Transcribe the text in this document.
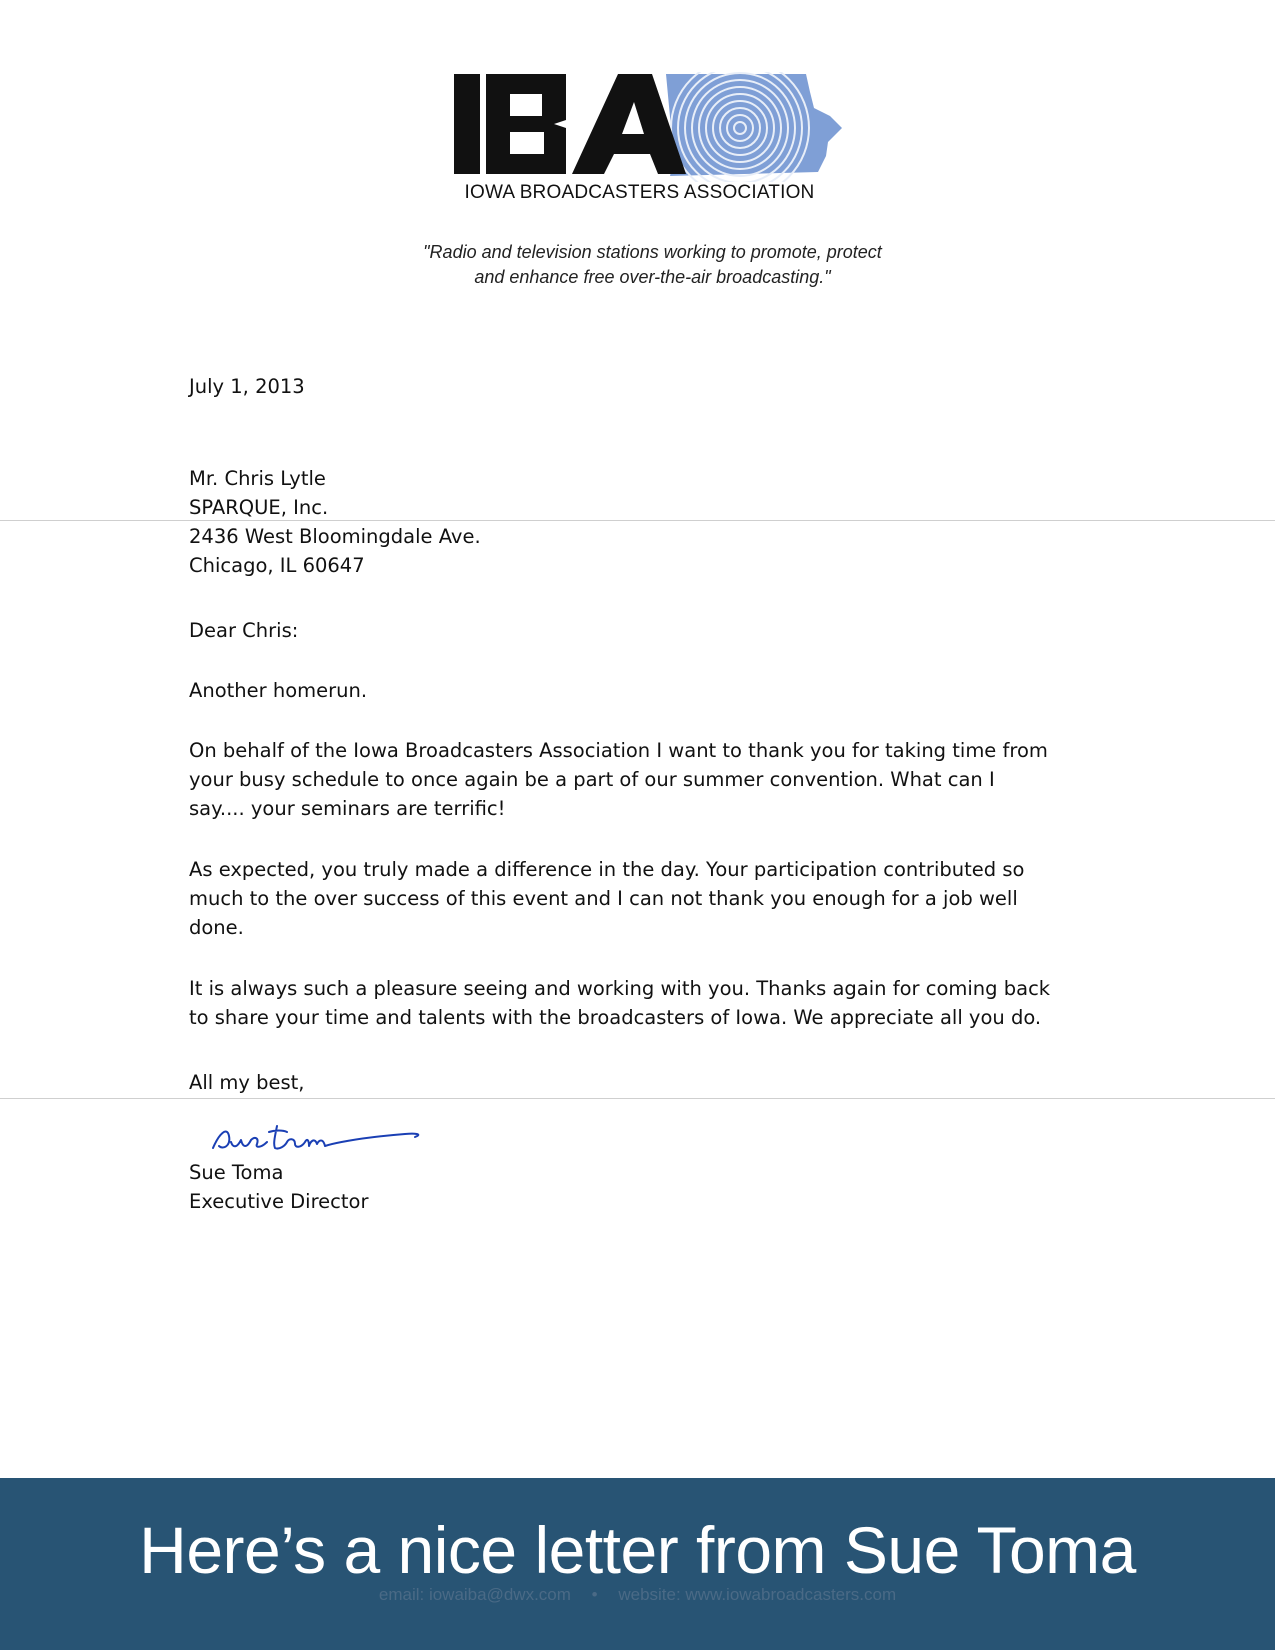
IOWA BROADCASTERS ASSOCIATION
"Radio and television stations working to promote, protect
and enhance free over-the-air broadcasting."
July 1, 2013
Mr. Chris Lytle
SPARQUE, Inc.
2436 West Bloomingdale Ave.
Chicago, IL 60647
Dear Chris:
Another homerun.
On behalf of the Iowa Broadcasters Association I want to thank you for taking time from
your busy schedule to once again be a part of our summer convention. What can I
say.... your seminars are terrific!
As expected, you truly made a difference in the day. Your participation contributed so
much to the over success of this event and I can not thank you enough for a job well
done.
It is always such a pleasure seeing and working with you. Thanks again for coming back
to share your time and talents with the broadcasters of Iowa. We appreciate all you do.
All my best,
Sue Toma
Executive Director
email: iowaiba@dwx.com • website: www.iowabroadcasters.com
Here’s a nice letter from Sue Toma
